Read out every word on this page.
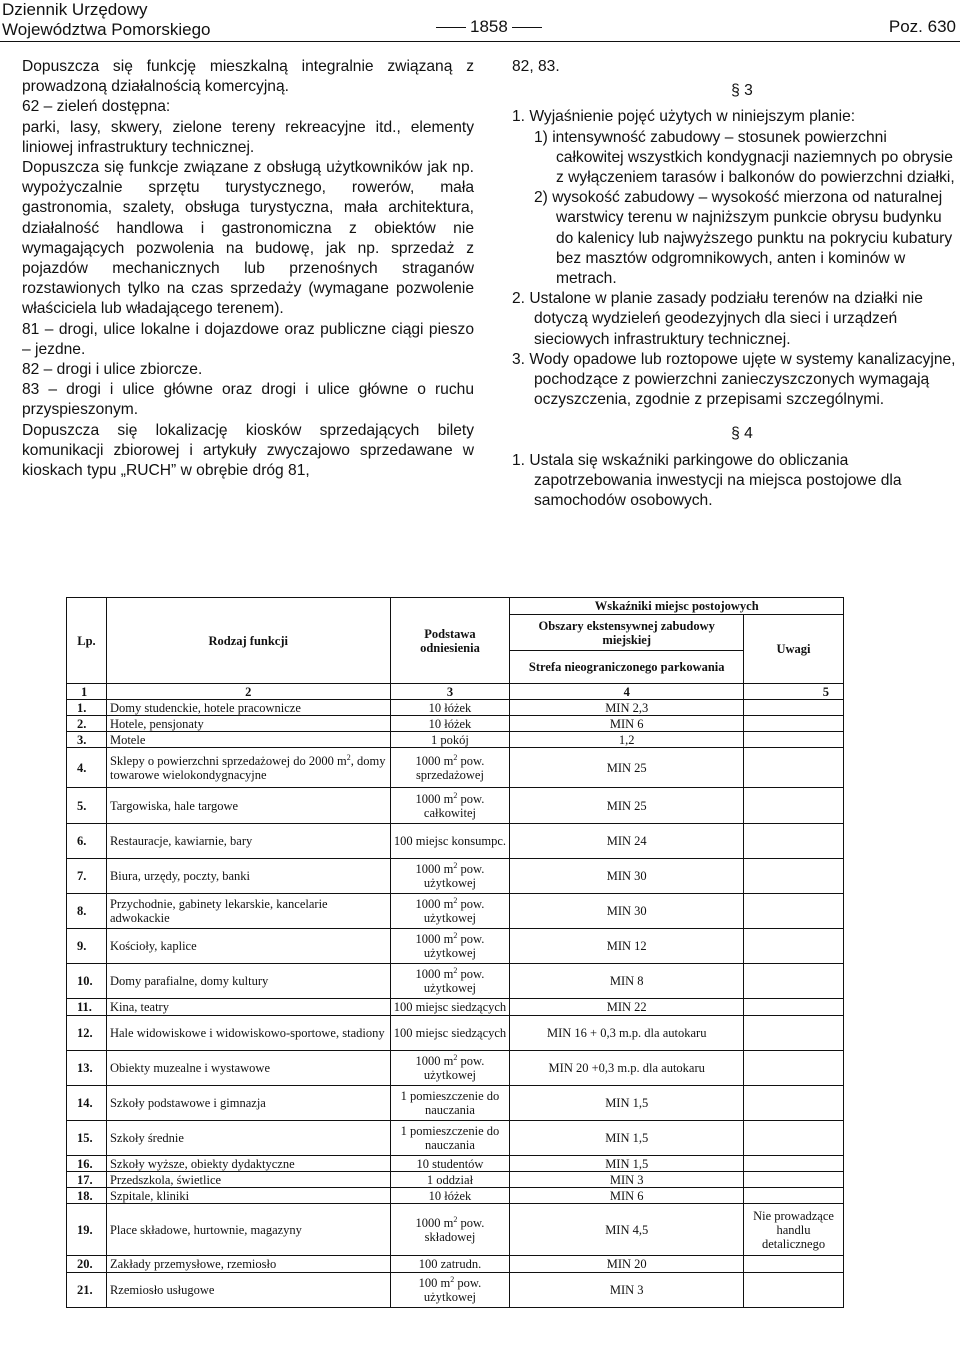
Dziennik Urzędowy
Województwa Pomorskiego	1858	Poz. 630

Dopuszcza się funkcję mieszkalną integralnie związaną z prowadzoną działalnością komercyjną.

62 – zieleń dostępna:

parki, lasy, skwery, zielone tereny rekreacyjne itd., elementy liniowej infrastruktury technicznej.

Dopuszcza się funkcje związane z obsługą użytkowników jak np. wypożyczalnie sprzętu turystycznego, rowerów, mała gastronomia, szalety, obsługa turystyczna, mała architektura, działalność handlowa i gastronomiczna z obiektów nie wymagających pozwolenia na budowę, jak np. sprzedaż z pojazdów mechanicznych lub przenośnych straganów rozstawionych tylko na czas sprzedaży (wymagane pozwolenie właściciela lub władającego terenem).

81 – drogi, ulice lokalne i dojazdowe oraz publiczne ciągi pieszo – jezdne.

82 – drogi i ulice zbiorcze.

83 – drogi i ulice główne oraz drogi i ulice główne o ruchu przyspieszonym.

Dopuszcza się lokalizację kiosków sprzedających bilety komunikacji zbiorowej i artykuły zwyczajowo sprzedawane w kioskach typu „RUCH” w obrębie dróg 81,

82, 83.

§ 3

1. Wyjaśnienie pojęć użytych w niniejszym planie:

1) intensywność zabudowy – stosunek powierzchni całkowitej wszystkich kondygnacji naziemnych po obrysie z wyłączeniem tarasów i balkonów do powierzchni działki,

2) wysokość zabudowy – wysokość mierzona od naturalnej warstwicy terenu w najniższym punkcie obrysu budynku do kalenicy lub najwyższego punktu na pokryciu kubatury bez masztów odgromnikowych, anten i kominów w metrach.

2. Ustalone w planie zasady podziału terenów na działki nie dotyczą wydzieleń geodezyjnych dla sieci i urządzeń sieciowych infrastruktury technicznej.

3. Wody opadowe lub roztopowe ujęte w systemy kanalizacyjne, pochodzące z powierzchni zanieczyszczonych wymagają oczyszczenia, zgodnie z przepisami szczególnymi.

§ 4

1. Ustala się wskaźniki parkingowe do obliczania zapotrzebowania inwestycji na miejsca postojowe dla samochodów osobowych.

Lp.	Rodzaj funkcji	Podstawa odniesienia	Wskaźniki miejsc postojowych	
			Obszary ekstensywnej zabudowy miejskiej	Uwagi
			Strefa nieograniczonego parkowania	
1	2	3	4	5
1.	Domy studenckie, hotele pracownicze	10 łóżek	MIN 2,3	
2.	Hotele, pensjonaty	10 łóżek	MIN 6	
3.	Motele	1 pokój	1,2	
4.	Sklepy o powierzchni sprzedażowej do 2000 $m^2$, domy towarowe wielokondygnacyjne	1000 $m^2$ pow. sprzedażowej	MIN 25	
5.	Targowiska, hale targowe	1000 $m^2$ pow. całkowitej	MIN 25	
6.	Restauracje, kawiarnie, bary	100 miejsc konsumpc.	MIN 24	
7.	Biura, urzędy, poczty, banki	1000 $m^2$ pow. użytkowej	MIN 30	
8.	Przychodnie, gabinety lekarskie, kancelarie adwokackie	1000 $m^2$ pow. użytkowej	MIN 30	
9.	Kościoły, kaplice	1000 $m^2$ pow. użytkowej	MIN 12	
10.	Domy parafialne, domy kultury	1000 $m^2$ pow. użytkowej	MIN 8	
11.	Kina, teatry	100 miejsc siedzących	MIN 22	
12.	Hale widowiskowe i widowiskowo-sportowe, stadiony	100 miejsc siedzących	MIN 16 + 0,3 m.p. dla autokaru	
13.	Obiekty muzealne i wystawowe	1000 $m^2$ pow. użytkowej	MIN 20 +0,3 m.p. dla autokaru	
14.	Szkoły podstawowe i gimnazja	1 pomieszczenie do nauczania	MIN 1,5	
15.	Szkoły średnie	1 pomieszczenie do nauczania	MIN 1,5	
16.	Szkoły wyższe, obiekty dydaktyczne	10 studentów	MIN 1,5	
17.	Przedszkola, świetlice	1 oddział	MIN 3	
18.	Szpitale, kliniki	10 łóżek	MIN 6	
19.	Place składowe, hurtownie, magazyny	1000 $m^2$ pow. składowej	MIN 4,5	Nie prowadzące handlu detalicznego
20.	Zakłady przemysłowe, rzemiosło	100 zatrudn.	MIN 20	
21.	Rzemiosło usługowe	100 $m^2$ pow. użytkowej	MIN 3	
